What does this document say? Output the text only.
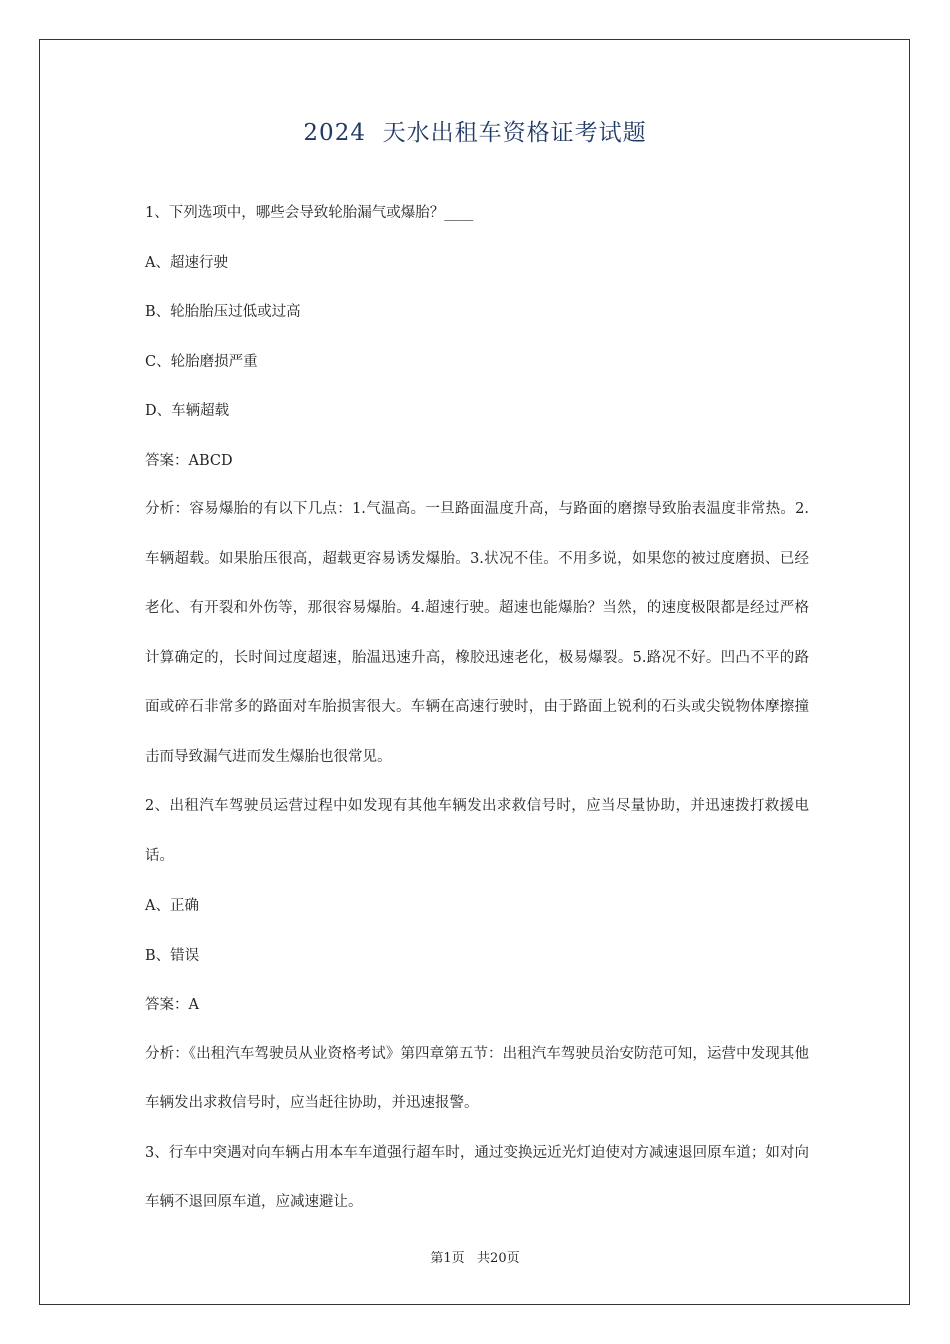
2024  天水出租车资格证考试题
1、下列选项中，哪些会导致轮胎漏气或爆胎？____
A、超速行驶
B、轮胎胎压过低或过高
C、轮胎磨损严重
D、车辆超载
答案：ABCD
分析：容易爆胎的有以下几点：1.气温高。一旦路面温度升高，与路面的磨擦导致胎表温度非常热。2.车辆超载。如果胎压很高，超载更容易诱发爆胎。3.状况不佳。不用多说，如果您的被过度磨损、已经老化、有开裂和外伤等，那很容易爆胎。4.超速行驶。超速也能爆胎？当然，的速度极限都是经过严格计算确定的，长时间过度超速，胎温迅速升高，橡胶迅速老化，极易爆裂。5.路况不好。凹凸不平的路面或碎石非常多的路面对车胎损害很大。车辆在高速行驶时，由于路面上锐利的石头或尖锐物体摩擦撞击而导致漏气进而发生爆胎也很常见。
2、出租汽车驾驶员运营过程中如发现有其他车辆发出求救信号时，应当尽量协助，并迅速拨打救援电话。
A、正确
B、错误
答案：A
分析：《出租汽车驾驶员从业资格考试》第四章第五节：出租汽车驾驶员治安防范可知，运营中发现其他车辆发出求救信号时，应当赶往协助，并迅速报警。
3、行车中突遇对向车辆占用本车车道强行超车时，通过变换远近光灯迫使对方减速退回原车道；如对向车辆不退回原车道，应减速避让。
第1页   共20页
